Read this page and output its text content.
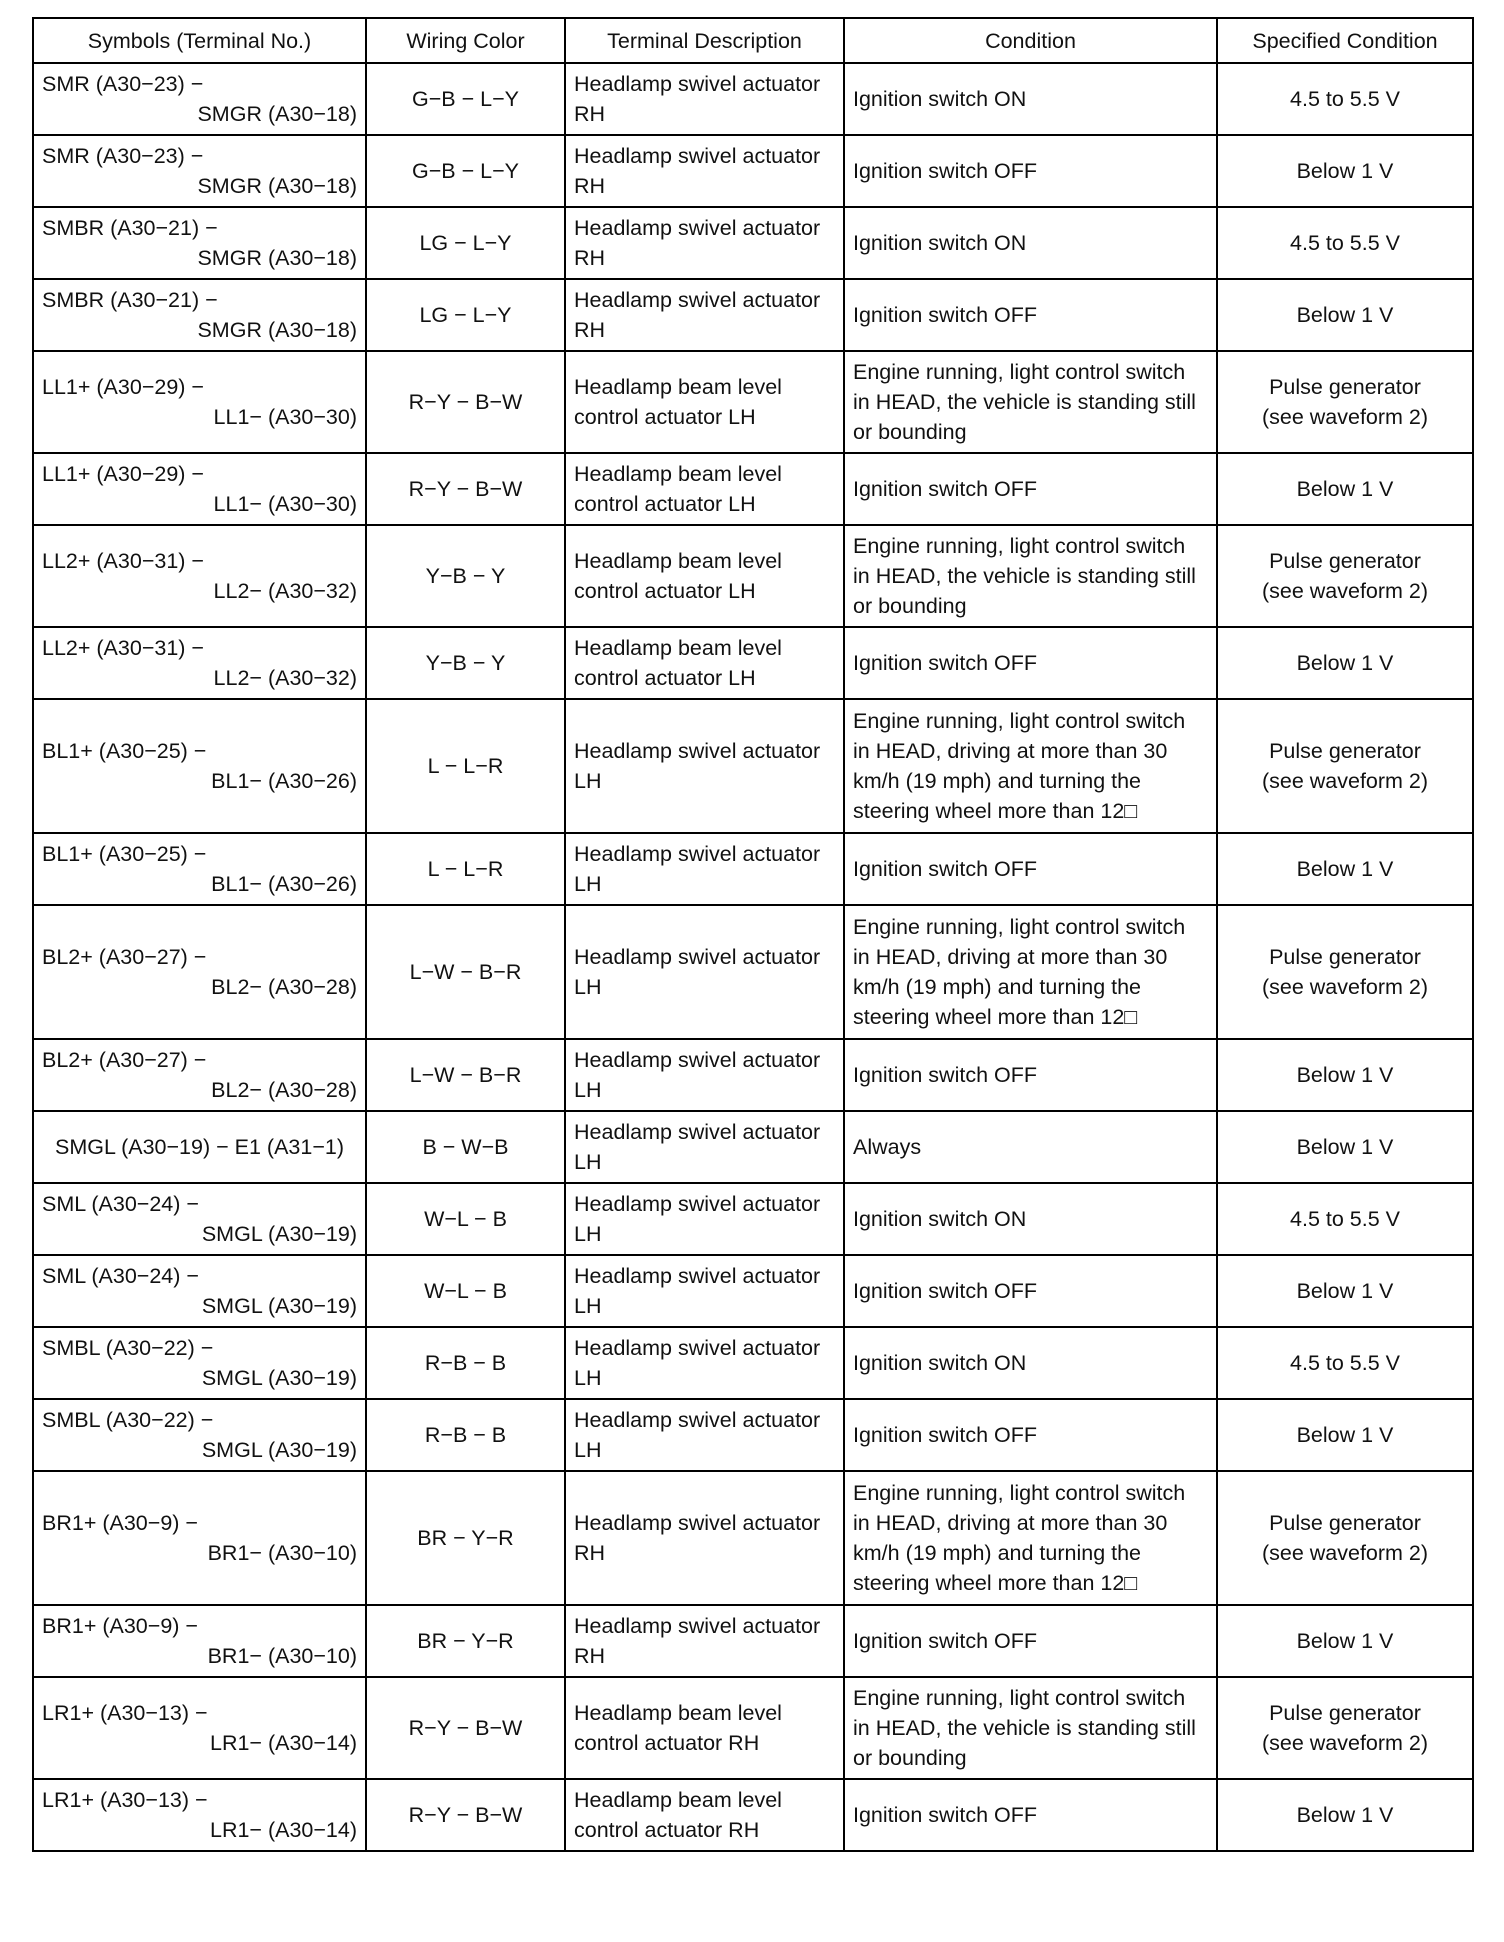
Symbols (Terminal No.)	Wiring Color	Terminal Description	Condition	Specified Condition

SMR (A30−23) −
SMGR (A30−18)	G−B − L−Y	Headlamp swivel actuator
RH	Ignition switch ON	4.5 to 5.5 V

SMR (A30−23) −
SMGR (A30−18)	G−B − L−Y	Headlamp swivel actuator
RH	Ignition switch OFF	Below 1 V

SMBR (A30−21) −
SMGR (A30−18)	LG − L−Y	Headlamp swivel actuator
RH	Ignition switch ON	4.5 to 5.5 V

SMBR (A30−21) −
SMGR (A30−18)	LG − L−Y	Headlamp swivel actuator
RH	Ignition switch OFF	Below 1 V

LL1+ (A30−29) −
LL1− (A30−30)	R−Y − B−W	Headlamp beam level
control actuator LH	Engine running, light control switch
in HEAD, the vehicle is standing still
or bounding	Pulse generator
(see waveform 2)

LL1+ (A30−29) −
LL1− (A30−30)	R−Y − B−W	Headlamp beam level
control actuator LH	Ignition switch OFF	Below 1 V

LL2+ (A30−31) −
LL2− (A30−32)	Y−B − Y	Headlamp beam level
control actuator LH	Engine running, light control switch
in HEAD, the vehicle is standing still
or bounding	Pulse generator
(see waveform 2)

LL2+ (A30−31) −
LL2− (A30−32)	Y−B − Y	Headlamp beam level
control actuator LH	Ignition switch OFF	Below 1 V

BL1+ (A30−25) −
BL1− (A30−26)	L − L−R	Headlamp swivel actuator
LH	Engine running, light control switch
in HEAD, driving at more than 30
km/h (19 mph) and turning the
steering wheel more than 12□	Pulse generator
(see waveform 2)

BL1+ (A30−25) −
BL1− (A30−26)	L − L−R	Headlamp swivel actuator
LH	Ignition switch OFF	Below 1 V

BL2+ (A30−27) −
BL2− (A30−28)	L−W − B−R	Headlamp swivel actuator
LH	Engine running, light control switch
in HEAD, driving at more than 30
km/h (19 mph) and turning the
steering wheel more than 12□	Pulse generator
(see waveform 2)

BL2+ (A30−27) −
BL2− (A30−28)	L−W − B−R	Headlamp swivel actuator
LH	Ignition switch OFF	Below 1 V

SMGL (A30−19) − E1 (A31−1)	B − W−B	Headlamp swivel actuator
LH	Always	Below 1 V

SML (A30−24) −
SMGL (A30−19)	W−L − B	Headlamp swivel actuator
LH	Ignition switch ON	4.5 to 5.5 V

SML (A30−24) −
SMGL (A30−19)	W−L − B	Headlamp swivel actuator
LH	Ignition switch OFF	Below 1 V

SMBL (A30−22) −
SMGL (A30−19)	R−B − B	Headlamp swivel actuator
LH	Ignition switch ON	4.5 to 5.5 V

SMBL (A30−22) −
SMGL (A30−19)	R−B − B	Headlamp swivel actuator
LH	Ignition switch OFF	Below 1 V

BR1+ (A30−9) −
BR1− (A30−10)	BR − Y−R	Headlamp swivel actuator
RH	Engine running, light control switch
in HEAD, driving at more than 30
km/h (19 mph) and turning the
steering wheel more than 12□	Pulse generator
(see waveform 2)

BR1+ (A30−9) −
BR1− (A30−10)	BR − Y−R	Headlamp swivel actuator
RH	Ignition switch OFF	Below 1 V

LR1+ (A30−13) −
LR1− (A30−14)	R−Y − B−W	Headlamp beam level
control actuator RH	Engine running, light control switch
in HEAD, the vehicle is standing still
or bounding	Pulse generator
(see waveform 2)

LR1+ (A30−13) −
LR1− (A30−14)	R−Y − B−W	Headlamp beam level
control actuator RH	Ignition switch OFF	Below 1 V
